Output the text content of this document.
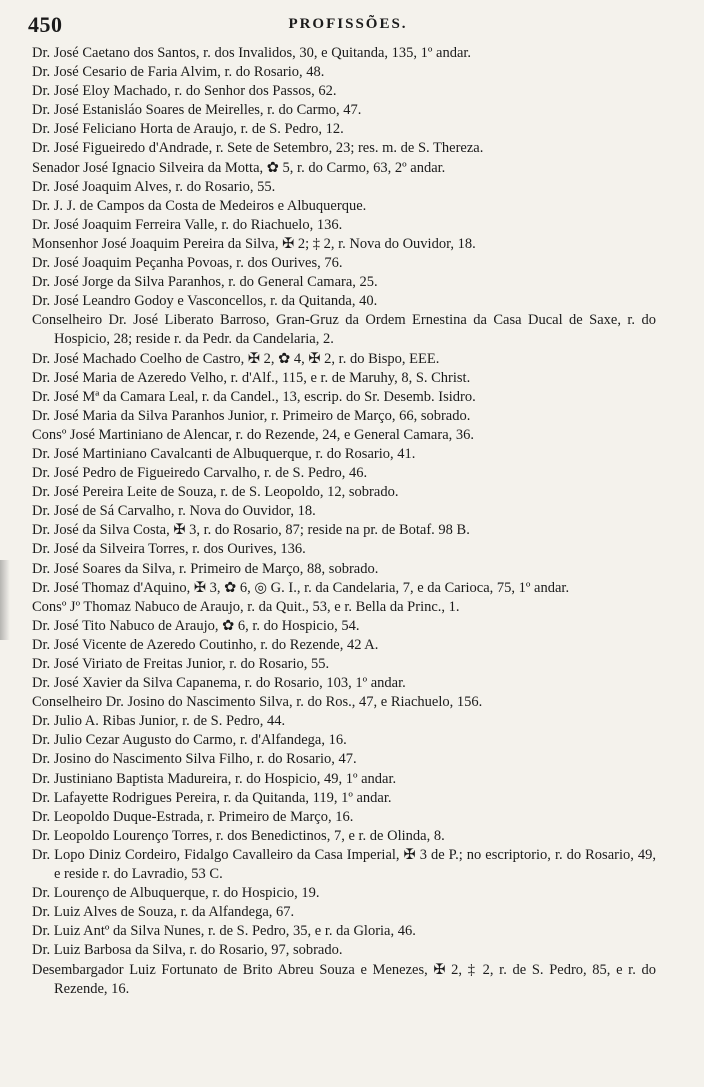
450	PROFISSÕES.

Dr. José Caetano dos Santos, r. dos Invalidos, 30, e Quitanda, 135, 1º andar.

Dr. José Cesario de Faria Alvim, r. do Rosario, 48.

Dr. José Eloy Machado, r. do Senhor dos Passos, 62.

Dr. José Estanisláo Soares de Meirelles, r. do Carmo, 47.

Dr. José Feliciano Horta de Araujo, r. de S. Pedro, 12.

Dr. José Figueiredo d'Andrade, r. Sete de Setembro, 23; res. m. de S. Thereza.

Senador José Ignacio Silveira da Motta, ✿ 5, r. do Carmo, 63, 2º andar.

Dr. José Joaquim Alves, r. do Rosario, 55.

Dr. J. J. de Campos da Costa de Medeiros e Albuquerque.

Dr. José Joaquim Ferreira Valle, r. do Riachuelo, 136.

Monsenhor José Joaquim Pereira da Silva, ✠ 2; ‡ 2, r. Nova do Ouvidor, 18.

Dr. José Joaquim Peçanha Povoas, r. dos Ourives, 76.

Dr. José Jorge da Silva Paranhos, r. do General Camara, 25.

Dr. José Leandro Godoy e Vasconcellos, r. da Quitanda, 40.

Conselheiro Dr. José Liberato Barroso, Gran-Gruz da Ordem Ernestina da Casa Ducal de Saxe, r. do Hospicio, 28; reside r. da Pedr. da Candelaria, 2.

Dr. José Machado Coelho de Castro, ✠ 2, ✿ 4, ✠ 2, r. do Bispo, EEE.

Dr. José Maria de Azeredo Velho, r. d'Alf., 115, e r. de Maruhy, 8, S. Christ.

Dr. José Mª da Camara Leal, r. da Candel., 13, escrip. do Sr. Desemb. Isidro.

Dr. José Maria da Silva Paranhos Junior, r. Primeiro de Março, 66, sobrado.

Consº José Martiniano de Alencar, r. do Rezende, 24, e General Camara, 36.

Dr. José Martiniano Cavalcanti de Albuquerque, r. do Rosario, 41.

Dr. José Pedro de Figueiredo Carvalho, r. de S. Pedro, 46.

Dr. José Pereira Leite de Souza, r. de S. Leopoldo, 12, sobrado.

Dr. José de Sá Carvalho, r. Nova do Ouvidor, 18.

Dr. José da Silva Costa, ✠ 3, r. do Rosario, 87; reside na pr. de Botaf. 98 B.

Dr. José da Silveira Torres, r. dos Ourives, 136.

Dr. José Soares da Silva, r. Primeiro de Março, 88, sobrado.

Dr. José Thomaz d'Aquino, ✠ 3, ✿ 6, ◎ G. I., r. da Candelaria, 7, e da Carioca, 75, 1º andar.

Consº Jº Thomaz Nabuco de Araujo, r. da Quit., 53, e r. Bella da Princ., 1.

Dr. José Tito Nabuco de Araujo, ✿ 6, r. do Hospicio, 54.

Dr. José Vicente de Azeredo Coutinho, r. do Rezende, 42 A.

Dr. José Viriato de Freitas Junior, r. do Rosario, 55.

Dr. José Xavier da Silva Capanema, r. do Rosario, 103, 1º andar.

Conselheiro Dr. Josino do Nascimento Silva, r. do Ros., 47, e Riachuelo, 156.

Dr. Julio A. Ribas Junior, r. de S. Pedro, 44.

Dr. Julio Cezar Augusto do Carmo, r. d'Alfandega, 16.

Dr. Josino do Nascimento Silva Filho, r. do Rosario, 47.

Dr. Justiniano Baptista Madureira, r. do Hospicio, 49, 1º andar.

Dr. Lafayette Rodrigues Pereira, r. da Quitanda, 119, 1º andar.

Dr. Leopoldo Duque-Estrada, r. Primeiro de Março, 16.

Dr. Leopoldo Lourenço Torres, r. dos Benedictinos, 7, e r. de Olinda, 8.

Dr. Lopo Diniz Cordeiro, Fidalgo Cavalleiro da Casa Imperial, ✠ 3 de P.; no escriptorio, r. do Rosario, 49, e reside r. do Lavradio, 53 C.

Dr. Lourenço de Albuquerque, r. do Hospicio, 19.

Dr. Luiz Alves de Souza, r. da Alfandega, 67.

Dr. Luiz Antº da Silva Nunes, r. de S. Pedro, 35, e r. da Gloria, 46.

Dr. Luiz Barbosa da Silva, r. do Rosario, 97, sobrado.

Desembargador Luiz Fortunato de Brito Abreu Souza e Menezes, ✠ 2, ‡ 2, r. de S. Pedro, 85, e r. do Rezende, 16.
